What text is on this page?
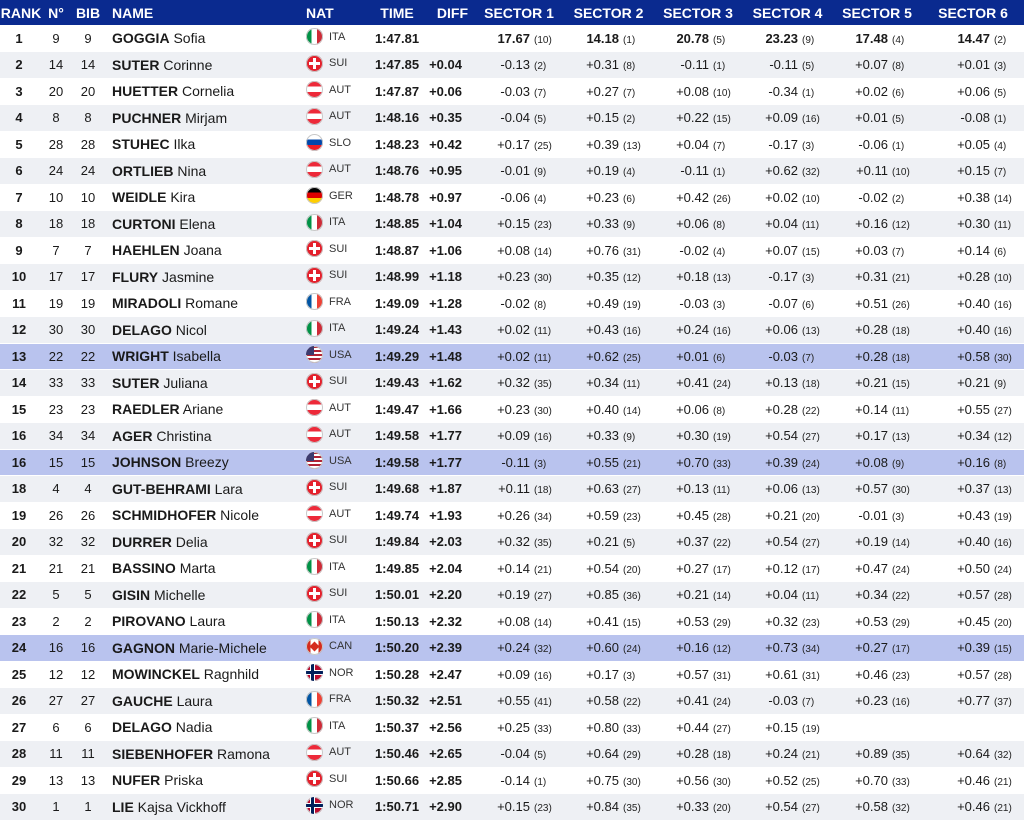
RANK	N°	BIB	NAME	NAT	TIME	DIFF	SECTOR 1	SECTOR 2	SECTOR 3	SECTOR 4	SECTOR 5	SECTOR 6
1	9	9	GOGGIA Sofia	ITA	1:47.81		17.67 (10)	14.18 (1)	20.78 (5)	23.23 (9)	17.48 (4)	14.47 (2)
2	14	14	SUTER Corinne	SUI	1:47.85	+0.04	-0.13 (2)	+0.31 (8)	-0.11 (1)	-0.11 (5)	+0.07 (8)	+0.01 (3)
3	20	20	HUETTER Cornelia	AUT	1:47.87	+0.06	-0.03 (7)	+0.27 (7)	+0.08 (10)	-0.34 (1)	+0.02 (6)	+0.06 (5)
4	8	8	PUCHNER Mirjam	AUT	1:48.16	+0.35	-0.04 (5)	+0.15 (2)	+0.22 (15)	+0.09 (16)	+0.01 (5)	-0.08 (1)
5	28	28	STUHEC Ilka	SLO	1:48.23	+0.42	+0.17 (25)	+0.39 (13)	+0.04 (7)	-0.17 (3)	-0.06 (1)	+0.05 (4)
6	24	24	ORTLIEB Nina	AUT	1:48.76	+0.95	-0.01 (9)	+0.19 (4)	-0.11 (1)	+0.62 (32)	+0.11 (10)	+0.15 (7)
7	10	10	WEIDLE Kira	GER	1:48.78	+0.97	-0.06 (4)	+0.23 (6)	+0.42 (26)	+0.02 (10)	-0.02 (2)	+0.38 (14)
8	18	18	CURTONI Elena	ITA	1:48.85	+1.04	+0.15 (23)	+0.33 (9)	+0.06 (8)	+0.04 (11)	+0.16 (12)	+0.30 (11)
9	7	7	HAEHLEN Joana	SUI	1:48.87	+1.06	+0.08 (14)	+0.76 (31)	-0.02 (4)	+0.07 (15)	+0.03 (7)	+0.14 (6)
10	17	17	FLURY Jasmine	SUI	1:48.99	+1.18	+0.23 (30)	+0.35 (12)	+0.18 (13)	-0.17 (3)	+0.31 (21)	+0.28 (10)
11	19	19	MIRADOLI Romane	FRA	1:49.09	+1.28	-0.02 (8)	+0.49 (19)	-0.03 (3)	-0.07 (6)	+0.51 (26)	+0.40 (16)
12	30	30	DELAGO Nicol	ITA	1:49.24	+1.43	+0.02 (11)	+0.43 (16)	+0.24 (16)	+0.06 (13)	+0.28 (18)	+0.40 (16)
13	22	22	WRIGHT Isabella	USA	1:49.29	+1.48	+0.02 (11)	+0.62 (25)	+0.01 (6)	-0.03 (7)	+0.28 (18)	+0.58 (30)
14	33	33	SUTER Juliana	SUI	1:49.43	+1.62	+0.32 (35)	+0.34 (11)	+0.41 (24)	+0.13 (18)	+0.21 (15)	+0.21 (9)
15	23	23	RAEDLER Ariane	AUT	1:49.47	+1.66	+0.23 (30)	+0.40 (14)	+0.06 (8)	+0.28 (22)	+0.14 (11)	+0.55 (27)
16	34	34	AGER Christina	AUT	1:49.58	+1.77	+0.09 (16)	+0.33 (9)	+0.30 (19)	+0.54 (27)	+0.17 (13)	+0.34 (12)
16	15	15	JOHNSON Breezy	USA	1:49.58	+1.77	-0.11 (3)	+0.55 (21)	+0.70 (33)	+0.39 (24)	+0.08 (9)	+0.16 (8)
18	4	4	GUT-BEHRAMI Lara	SUI	1:49.68	+1.87	+0.11 (18)	+0.63 (27)	+0.13 (11)	+0.06 (13)	+0.57 (30)	+0.37 (13)
19	26	26	SCHMIDHOFER Nicole	AUT	1:49.74	+1.93	+0.26 (34)	+0.59 (23)	+0.45 (28)	+0.21 (20)	-0.01 (3)	+0.43 (19)
20	32	32	DURRER Delia	SUI	1:49.84	+2.03	+0.32 (35)	+0.21 (5)	+0.37 (22)	+0.54 (27)	+0.19 (14)	+0.40 (16)
21	21	21	BASSINO Marta	ITA	1:49.85	+2.04	+0.14 (21)	+0.54 (20)	+0.27 (17)	+0.12 (17)	+0.47 (24)	+0.50 (24)
22	5	5	GISIN Michelle	SUI	1:50.01	+2.20	+0.19 (27)	+0.85 (36)	+0.21 (14)	+0.04 (11)	+0.34 (22)	+0.57 (28)
23	2	2	PIROVANO Laura	ITA	1:50.13	+2.32	+0.08 (14)	+0.41 (15)	+0.53 (29)	+0.32 (23)	+0.53 (29)	+0.45 (20)
24	16	16	GAGNON Marie-Michele	CAN	1:50.20	+2.39	+0.24 (32)	+0.60 (24)	+0.16 (12)	+0.73 (34)	+0.27 (17)	+0.39 (15)
25	12	12	MOWINCKEL Ragnhild	NOR	1:50.28	+2.47	+0.09 (16)	+0.17 (3)	+0.57 (31)	+0.61 (31)	+0.46 (23)	+0.57 (28)
26	27	27	GAUCHE Laura	FRA	1:50.32	+2.51	+0.55 (41)	+0.58 (22)	+0.41 (24)	-0.03 (7)	+0.23 (16)	+0.77 (37)
27	6	6	DELAGO Nadia	ITA	1:50.37	+2.56	+0.25 (33)	+0.80 (33)	+0.44 (27)	+0.15 (19)		
28	11	11	SIEBENHOFER Ramona	AUT	1:50.46	+2.65	-0.04 (5)	+0.64 (29)	+0.28 (18)	+0.24 (21)	+0.89 (35)	+0.64 (32)
29	13	13	NUFER Priska	SUI	1:50.66	+2.85	-0.14 (1)	+0.75 (30)	+0.56 (30)	+0.52 (25)	+0.70 (33)	+0.46 (21)
30	1	1	LIE Kajsa Vickhoff	NOR	1:50.71	+2.90	+0.15 (23)	+0.84 (35)	+0.33 (20)	+0.54 (27)	+0.58 (32)	+0.46 (21)
